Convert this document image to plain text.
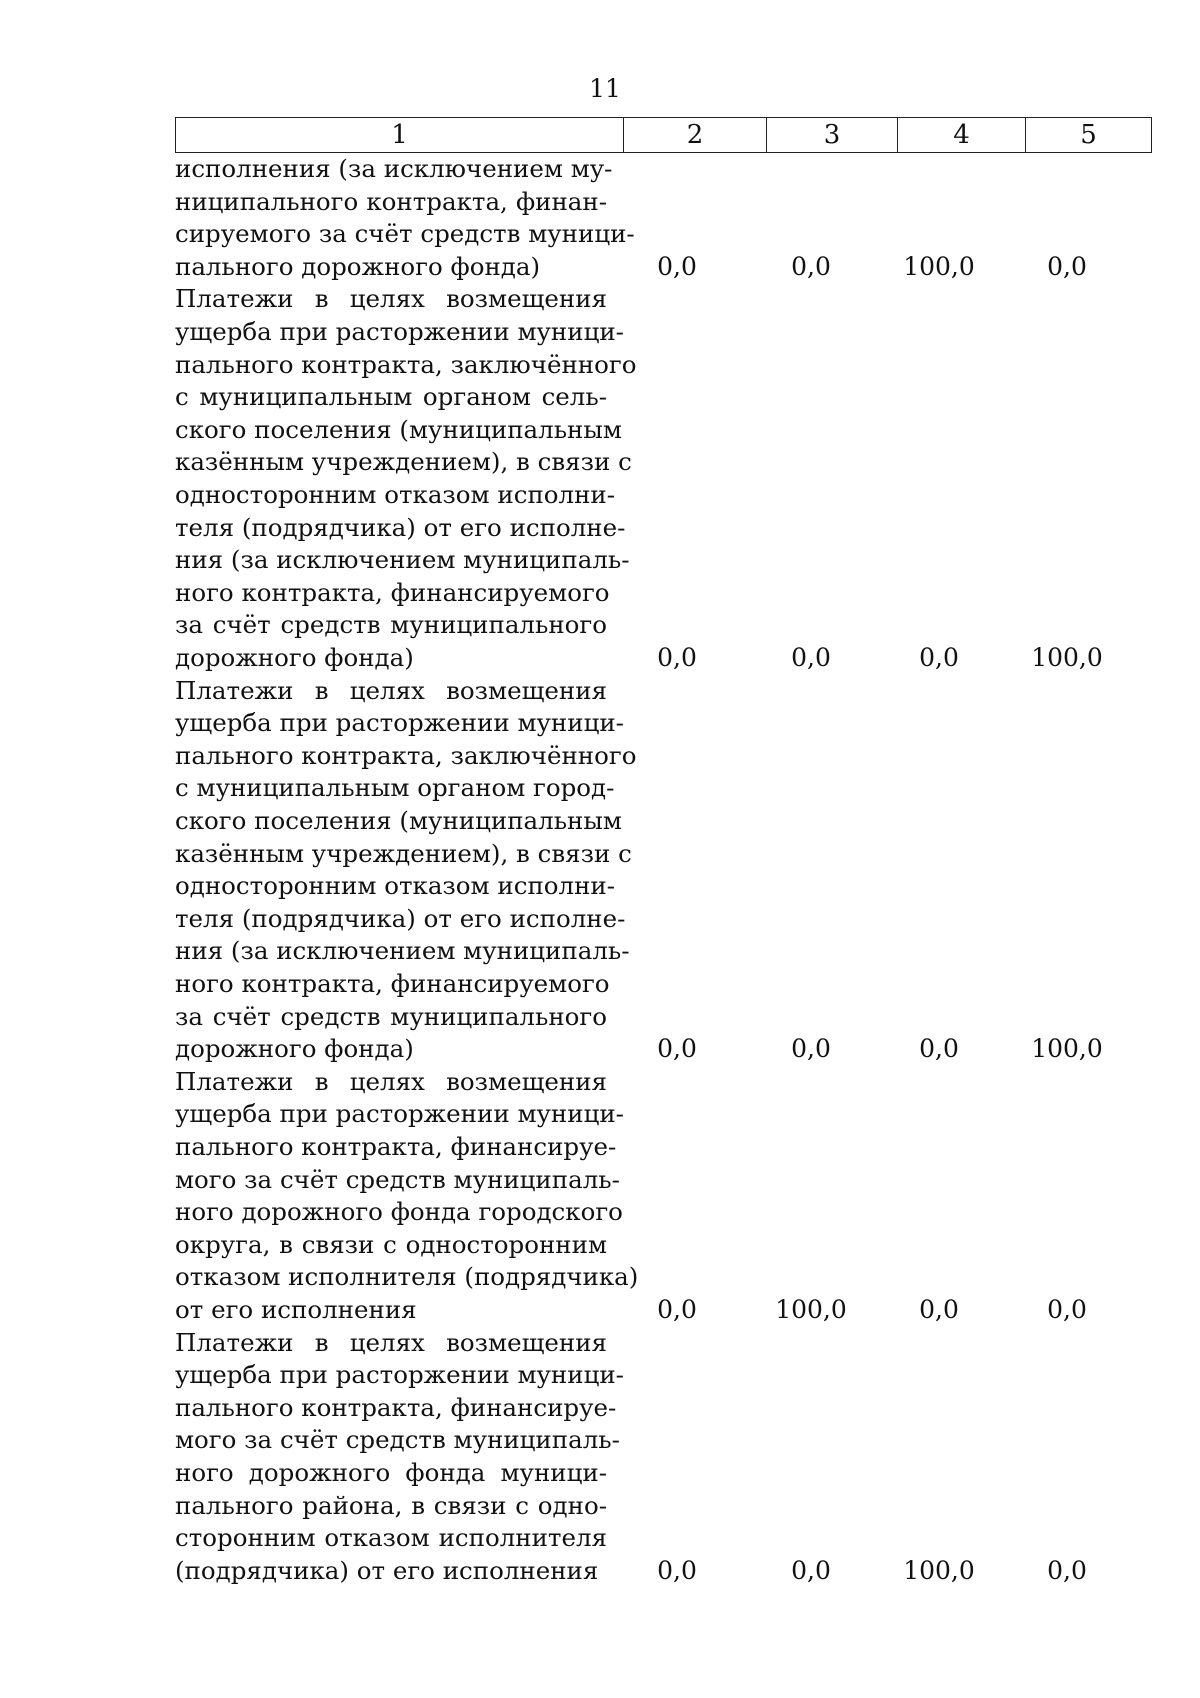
11
1	2	3	4	5
исполнения (за исключением му-
ниципального контракта, финан-
сируемого за счёт средств муници-
пального дорожного фонда)	0,0	0,0	100,0	0,0
Платежи в целях возмещения
ущерба при расторжении муници-
пального контракта, заключённого
с муниципальным органом сель-
ского поселения (муниципальным
казённым учреждением), в связи с
односторонним отказом исполни-
теля (подрядчика) от его исполне-
ния (за исключением муниципаль-
ного контракта, финансируемого
за счёт средств муниципального
дорожного фонда)	0,0	0,0	0,0	100,0
Платежи в целях возмещения
ущерба при расторжении муници-
пального контракта, заключённого
с муниципальным органом город-
ского поселения (муниципальным
казённым учреждением), в связи с
односторонним отказом исполни-
теля (подрядчика) от его исполне-
ния (за исключением муниципаль-
ного контракта, финансируемого
за счёт средств муниципального
дорожного фонда)	0,0	0,0	0,0	100,0
Платежи в целях возмещения
ущерба при расторжении муници-
пального контракта, финансируе-
мого за счёт средств муниципаль-
ного дорожного фонда городского
округа, в связи с односторонним
отказом исполнителя (подрядчика)
от его исполнения	0,0	100,0	0,0	0,0
Платежи в целях возмещения
ущерба при расторжении муници-
пального контракта, финансируе-
мого за счёт средств муниципаль-
ного дорожного фонда муници-
пального района, в связи с одно-
сторонним отказом исполнителя
(подрядчика) от его исполнения	0,0	0,0	100,0	0,0
